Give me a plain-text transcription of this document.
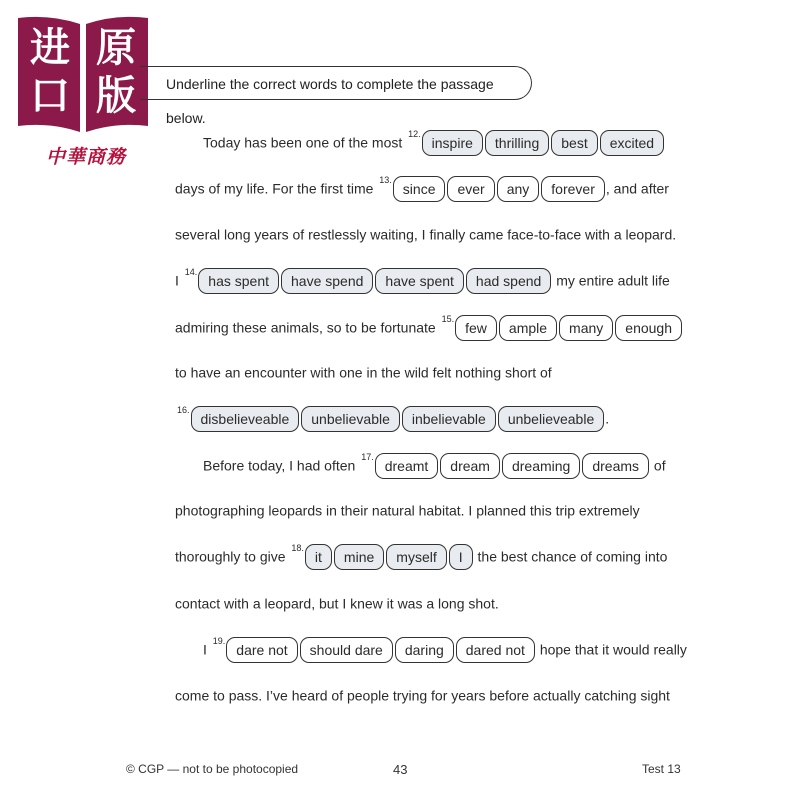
进 原
口 版
中華商務
Underline the correct words to complete the passage below.
Today has been one of the most $^{12.}$inspire thrilling best excited
days of my life. For the first time $^{13.}$since ever any forever , and after
several long years of restlessly waiting, I finally came face-to-face with a leopard.
I $^{14.}$has spent have spend have spent had spend my entire adult life
admiring these animals, so to be fortunate $^{15.}$few ample many enough
to have an encounter with one in the wild felt nothing short of
$^{16.}$disbelieveable unbelievable inbelievable unbelieveable .
Before today, I had often $^{17.}$dreamt dream dreaming dreams of
photographing leopards in their natural habitat. I planned this trip extremely
thoroughly to give $^{18.}$it mine myself I the best chance of coming into
contact with a leopard, but I knew it was a long shot.
I $^{19.}$dare not should dare daring dared not hope that it would really
come to pass. I’ve heard of people trying for years before actually catching sight
© CGP — not to be photocopied	43	Test 13
